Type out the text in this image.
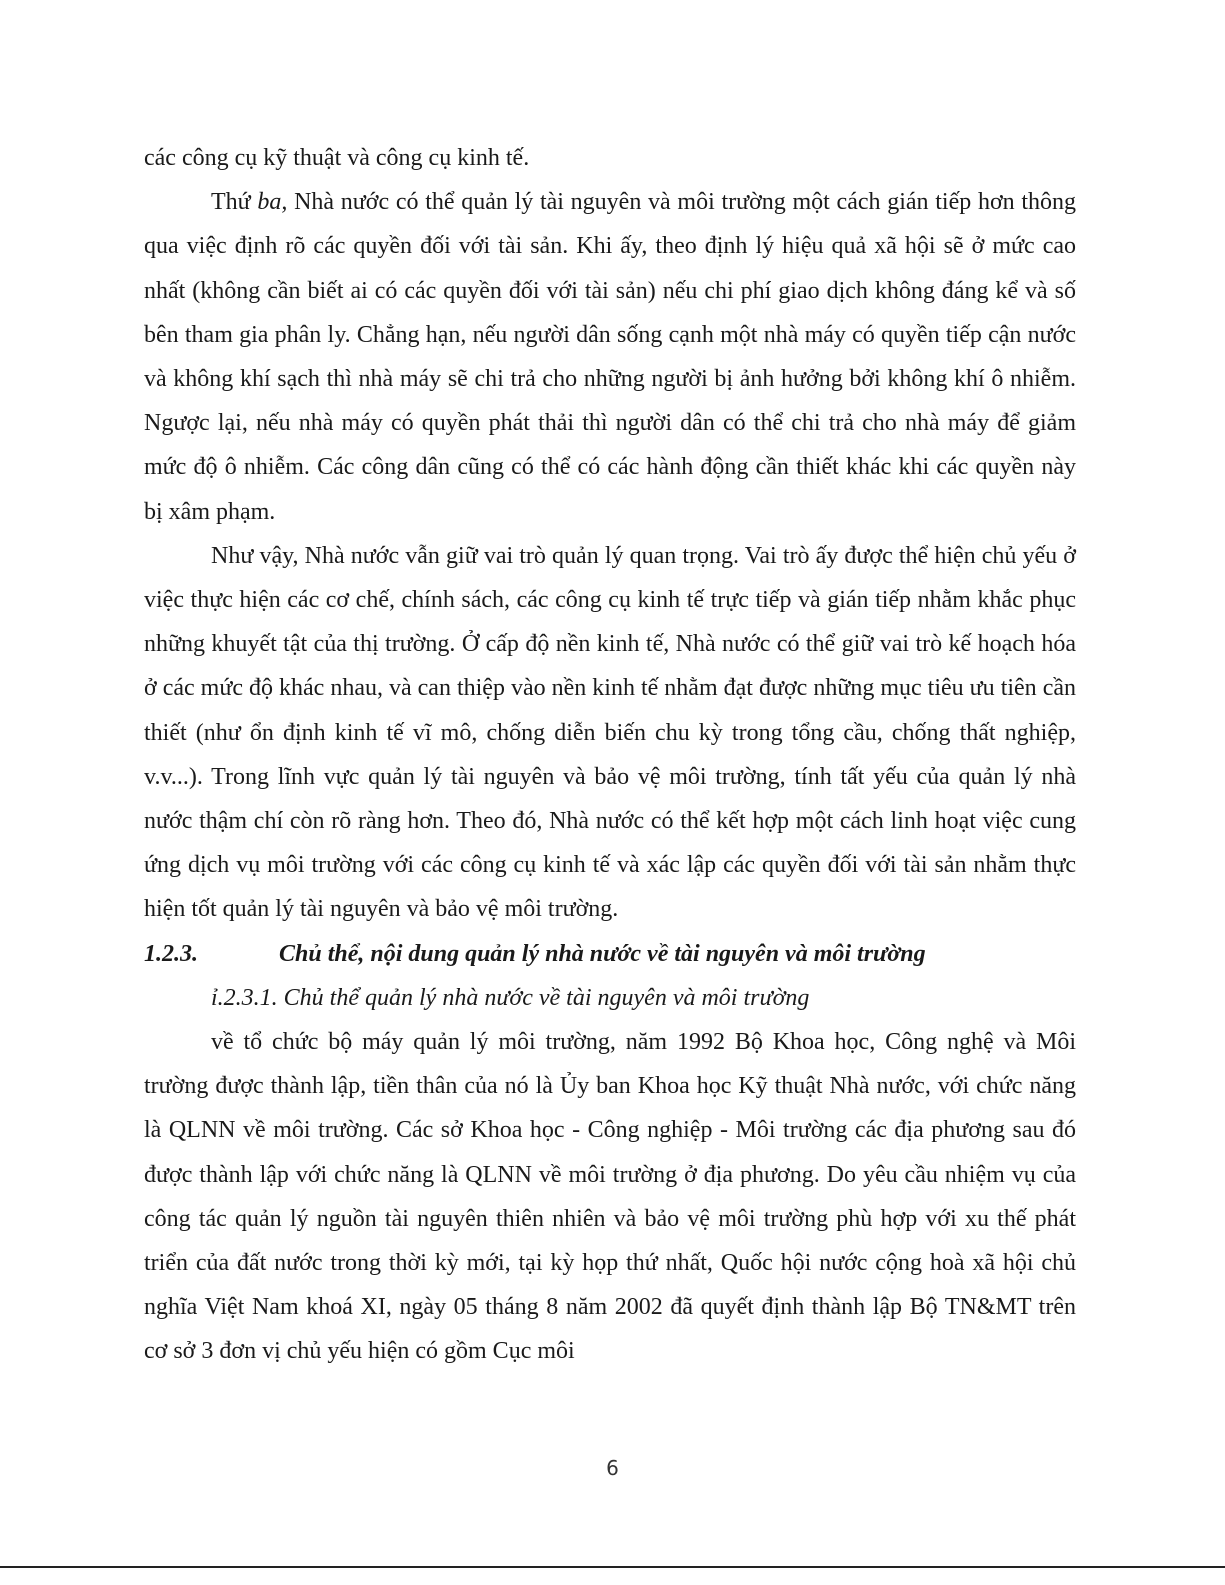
các công cụ kỹ thuật và công cụ kinh tế.

Thứ ba, Nhà nước có thể quản lý tài nguyên và môi trường một cách gián tiếp hơn thông qua việc định rõ các quyền đối với tài sản. Khi ấy, theo định lý hiệu quả xã hội sẽ ở mức cao nhất (không cần biết ai có các quyền đối với tài sản) nếu chi phí giao dịch không đáng kể và số bên tham gia phân ly. Chẳng hạn, nếu người dân sống cạnh một nhà máy có quyền tiếp cận nước và không khí sạch thì nhà máy sẽ chi trả cho những người bị ảnh hưởng bởi không khí ô nhiễm. Ngược lại, nếu nhà máy có quyền phát thải thì người dân có thể chi trả cho nhà máy để giảm mức độ ô nhiễm. Các công dân cũng có thể có các hành động cần thiết khác khi các quyền này bị xâm phạm.

Như vậy, Nhà nước vẫn giữ vai trò quản lý quan trọng. Vai trò ấy được thể hiện chủ yếu ở việc thực hiện các cơ chế, chính sách, các công cụ kinh tế trực tiếp và gián tiếp nhằm khắc phục những khuyết tật của thị trường. Ở cấp độ nền kinh tế, Nhà nước có thể giữ vai trò kế hoạch hóa ở các mức độ khác nhau, và can thiệp vào nền kinh tế nhằm đạt được những mục tiêu ưu tiên cần thiết (như ổn định kinh tế vĩ mô, chống diễn biến chu kỳ trong tổng cầu, chống thất nghiệp, v.v...). Trong lĩnh vực quản lý tài nguyên và bảo vệ môi trường, tính tất yếu của quản lý nhà nước thậm chí còn rõ ràng hơn. Theo đó, Nhà nước có thể kết hợp một cách linh hoạt việc cung ứng dịch vụ môi trường với các công cụ kinh tế và xác lập các quyền đối với tài sản nhằm thực hiện tốt quản lý tài nguyên và bảo vệ môi trường.

1.2.3.	Chủ thể, nội dung quản lý nhà nước về tài nguyên và môi trường
ỉ.2.3.1. Chủ thể quản lý nhà nước về tài nguyên và môi trường

về tổ chức bộ máy quản lý môi trường, năm 1992 Bộ Khoa học, Công nghệ và Môi trường được thành lập, tiền thân của nó là Ủy ban Khoa học Kỹ thuật Nhà nước, với chức năng là QLNN về môi trường. Các sở Khoa học - Công nghiệp - Môi trường các địa phương sau đó được thành lập với chức năng là QLNN về môi trường ở địa phương. Do yêu cầu nhiệm vụ của công tác quản lý nguồn tài nguyên thiên nhiên và bảo vệ môi trường phù hợp với xu thế phát triển của đất nước trong thời kỳ mới, tại kỳ họp thứ nhất, Quốc hội nước cộng hoà xã hội chủ nghĩa Việt Nam khoá XI, ngày 05 tháng 8 năm 2002 đã quyết định thành lập Bộ TN&MT trên cơ sở 3 đơn vị chủ yếu hiện có gồm Cục môi

6
